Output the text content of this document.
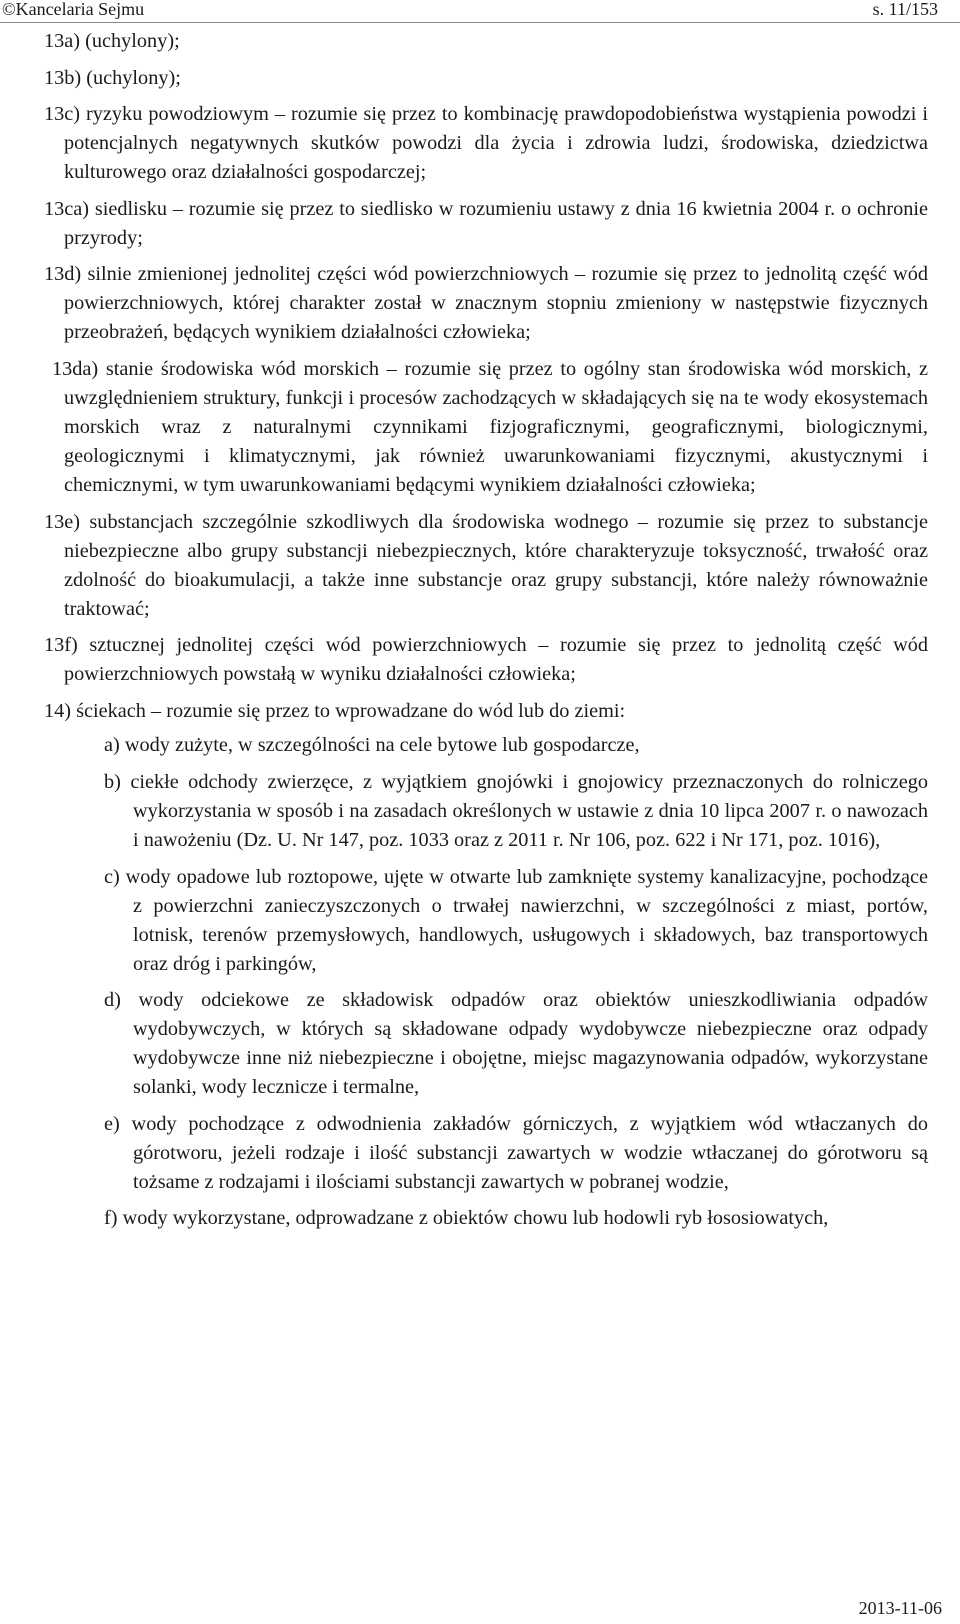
©Kancelaria Sejmu	s. 11/153
13a) (uchylony);
13b) (uchylony);
13c) ryzyku powodziowym – rozumie się przez to kombinację prawdopodobieństwa wystąpienia powodzi i potencjalnych negatywnych skutków powodzi dla życia i zdrowia ludzi, środowiska, dziedzictwa kulturowego oraz działalności gospodarczej;
13ca) siedlisku – rozumie się przez to siedlisko w rozumieniu ustawy z dnia 16 kwietnia 2004 r. o ochronie przyrody;
13d) silnie zmienionej jednolitej części wód powierzchniowych – rozumie się przez to jednolitą część wód powierzchniowych, której charakter został w znacznym stopniu zmieniony w następstwie fizycznych przeobrażeń, będących wynikiem działalności człowieka;
13da) stanie środowiska wód morskich – rozumie się przez to ogólny stan środowiska wód morskich, z uwzględnieniem struktury, funkcji i procesów zachodzących w składających się na te wody ekosystemach morskich wraz z naturalnymi czynnikami fizjograficznymi, geograficznymi, biologicznymi, geologicznymi i klimatycznymi, jak również uwarunkowaniami fizycznymi, akustycznymi i chemicznymi, w tym uwarunkowaniami będącymi wynikiem działalności człowieka;
13e) substancjach szczególnie szkodliwych dla środowiska wodnego – rozumie się przez to substancje niebezpieczne albo grupy substancji niebezpiecznych, które charakteryzuje toksyczność, trwałość oraz zdolność do bioakumulacji, a także inne substancje oraz grupy substancji, które należy równoważnie traktować;
13f) sztucznej jednolitej części wód powierzchniowych – rozumie się przez to jednolitą część wód powierzchniowych powstałą w wyniku działalności człowieka;
14) ściekach – rozumie się przez to wprowadzane do wód lub do ziemi:
a) wody zużyte, w szczególności na cele bytowe lub gospodarcze,
b) ciekłe odchody zwierzęce, z wyjątkiem gnojówki i gnojowicy przeznaczonych do rolniczego wykorzystania w sposób i na zasadach określonych w ustawie z dnia 10 lipca 2007 r. o nawozach i nawożeniu (Dz. U. Nr 147, poz. 1033 oraz z 2011 r. Nr 106, poz. 622 i Nr 171, poz. 1016),
c) wody opadowe lub roztopowe, ujęte w otwarte lub zamknięte systemy kanalizacyjne, pochodzące z powierzchni zanieczyszczonych o trwałej nawierzchni, w szczególności z miast, portów, lotnisk, terenów przemysłowych, handlowych, usługowych i składowych, baz transportowych oraz dróg i parkingów,
d) wody odciekowe ze składowisk odpadów oraz obiektów unieszkodliwiania odpadów wydobywczych, w których są składowane odpady wydobywcze niebezpieczne oraz odpady wydobywcze inne niż niebezpieczne i obojętne, miejsc magazynowania odpadów, wykorzystane solanki, wody lecznicze i termalne,
e) wody pochodzące z odwodnienia zakładów górniczych, z wyjątkiem wód wtłaczanych do górotworu, jeżeli rodzaje i ilość substancji zawartych w wodzie wtłaczanej do górotworu są tożsame z rodzajami i ilościami substancji zawartych w pobranej wodzie,
f) wody wykorzystane, odprowadzane z obiektów chowu lub hodowli ryb łososiowatych,
2013-11-06
